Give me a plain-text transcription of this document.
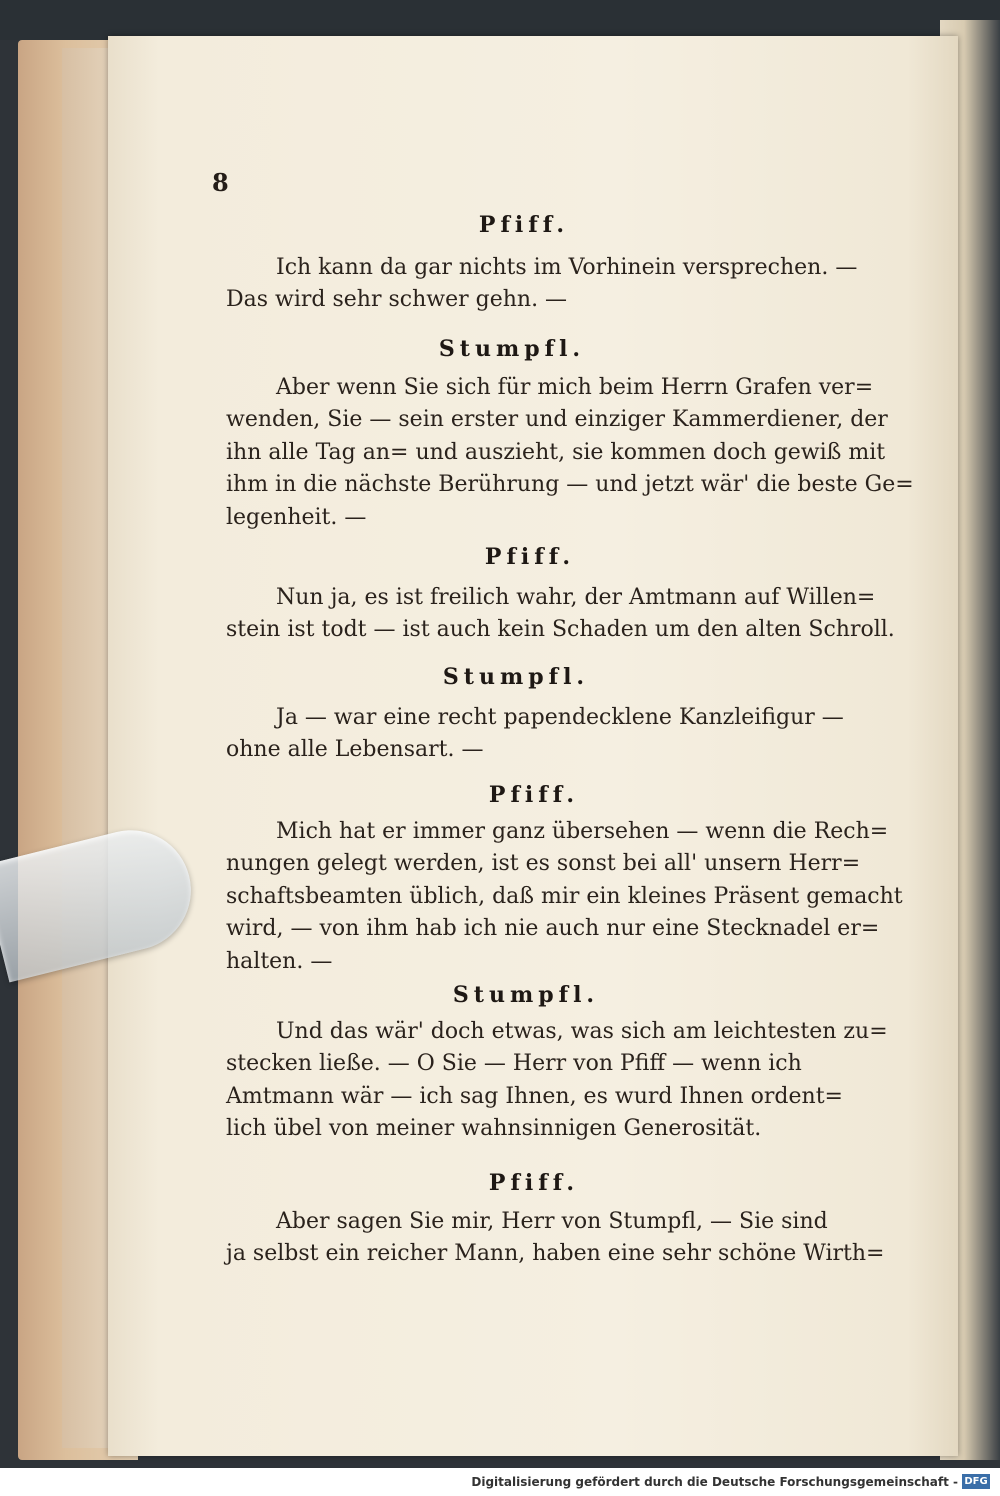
8
Pfiff.
Ich kann da gar nichts im Vorhinein versprechen. —
Das wird sehr schwer gehn. —
Stumpfl.
Aber wenn Sie sich für mich beim Herrn Grafen ver=
wenden, Sie — sein erster und einziger Kammerdiener, der
ihn alle Tag an= und auszieht, sie kommen doch gewiß mit
ihm in die nächste Berührung — und jetzt wär' die beste Ge=
legenheit. —
Pfiff.
Nun ja, es ist freilich wahr, der Amtmann auf Willen=
stein ist todt — ist auch kein Schaden um den alten Schroll.
Stumpfl.
Ja — war eine recht papendecklene Kanzleifigur —
ohne alle Lebensart. —
Pfiff.
Mich hat er immer ganz übersehen — wenn die Rech=
nungen gelegt werden, ist es sonst bei all' unsern Herr=
schaftsbeamten üblich, daß mir ein kleines Präsent gemacht
wird, — von ihm hab ich nie auch nur eine Stecknadel er=
halten. —
Stumpfl.
Und das wär' doch etwas, was sich am leichtesten zu=
stecken ließe. — O Sie — Herr von Pfiff — wenn ich
Amtmann wär — ich sag Ihnen, es wurd Ihnen ordent=
lich übel von meiner wahnsinnigen Generosität.
Pfiff.
Aber sagen Sie mir, Herr von Stumpfl, — Sie sind
ja selbst ein reicher Mann, haben eine sehr schöne Wirth=
Digitalisierung gefördert durch die Deutsche Forschungsgemeinschaft - DFG
